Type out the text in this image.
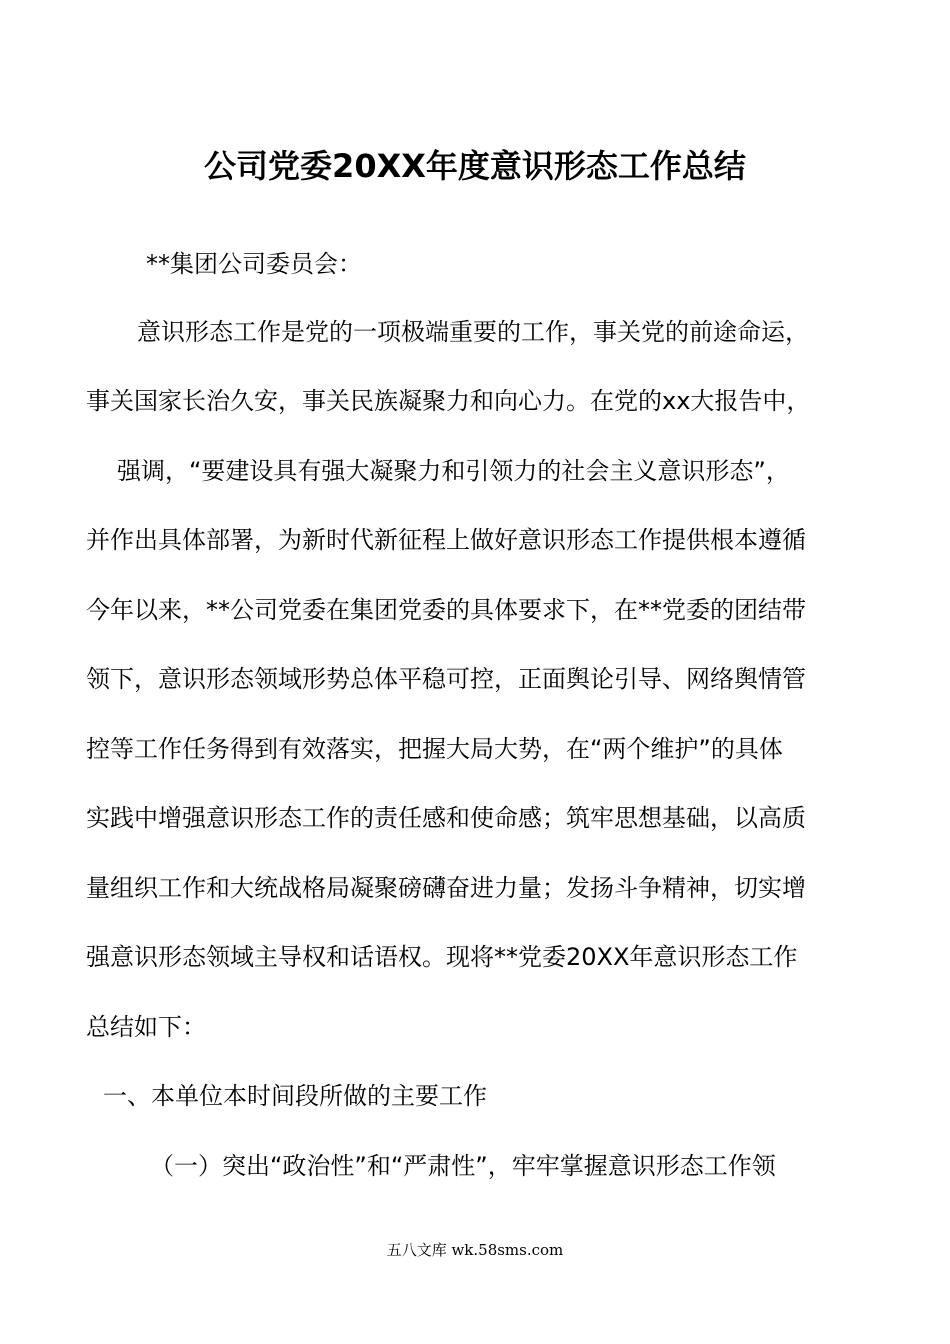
公司党委20XX年度意识形态工作总结
**集团公司委员会：
意识形态工作是党的一项极端重要的工作，事关党的前途命运，
事关国家长治久安，事关民族凝聚力和向心力。在党的xx大报告中，
强调，“要建设具有强大凝聚力和引领力的社会主义意识形态”，
并作出具体部署，为新时代新征程上做好意识形态工作提供根本遵循
今年以来，**公司党委在集团党委的具体要求下，在**党委的团结带
领下，意识形态领域形势总体平稳可控，正面舆论引导、网络舆情管
控等工作任务得到有效落实，把握大局大势，在“两个维护”的具体
实践中增强意识形态工作的责任感和使命感；筑牢思想基础，以高质
量组织工作和大统战格局凝聚磅礴奋进力量；发扬斗争精神，切实增
强意识形态领域主导权和话语权。现将**党委20XX年意识形态工作
总结如下：
一、本单位本时间段所做的主要工作
（一）突出“政治性”和“严肃性”，牢牢掌握意识形态工作领
五八文库 wk.58sms.com
